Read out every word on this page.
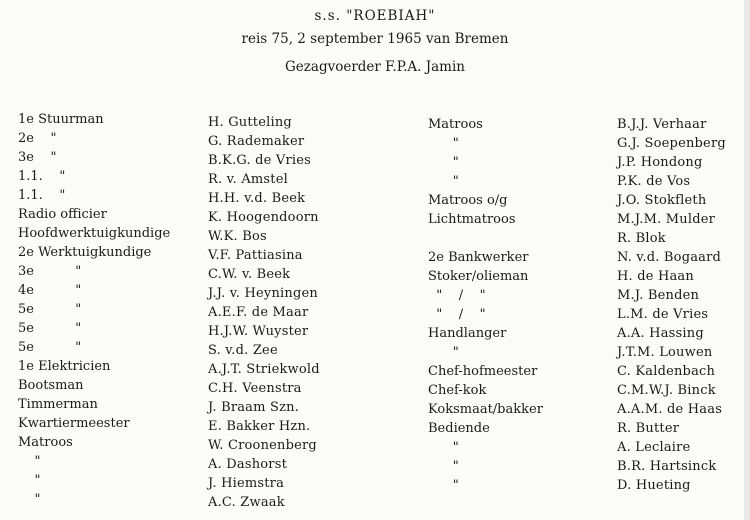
s.s. "ROEBIAH"
reis 75, 2 september 1965 van Bremen
Gezagvoerder F.P.A. Jamin
1e Stuurman
2e    "
3e    "
1.1.    "
1.1.    "
Radio officier
Hoofdwerktuigkundige
2e Werktuigkundige
3e          "
4e          "
5e          "
5e          "
5e          "
1e Elektricien
Bootsman
Timmerman
Kwartiermeester
Matroos
"
"
"
H. Gutteling
G. Rademaker
B.K.G. de Vries
R. v. Amstel
H.H. v.d. Beek
K. Hoogendoorn
W.K. Bos
V.F. Pattiasina
C.W. v. Beek
J.J. v. Heyningen
A.E.F. de Maar
H.J.W. Wuyster
S. v.d. Zee
A.J.T. Striekwold
C.H. Veenstra
J. Braam Szn.
E. Bakker Hzn.
W. Croonenberg
A. Dashorst
J. Hiemstra
A.C. Zwaak
Matroos
"
"
"
Matroos o/g
Lichtmatroos
2e Bankwerker
Stoker/olieman
"    /    "
"    /    "
Handlanger
"
Chef-hofmeester
Chef-kok
Koksmaat/bakker
Bediende
"
"
"
B.J.J. Verhaar
G.J. Soepenberg
J.P. Hondong
P.K. de Vos
J.O. Stokfleth
M.J.M. Mulder
R. Blok
N. v.d. Bogaard
H. de Haan
M.J. Benden
L.M. de Vries
A.A. Hassing
J.T.M. Louwen
C. Kaldenbach
C.M.W.J. Binck
A.A.M. de Haas
R. Butter
A. Leclaire
B.R. Hartsinck
D. Hueting
